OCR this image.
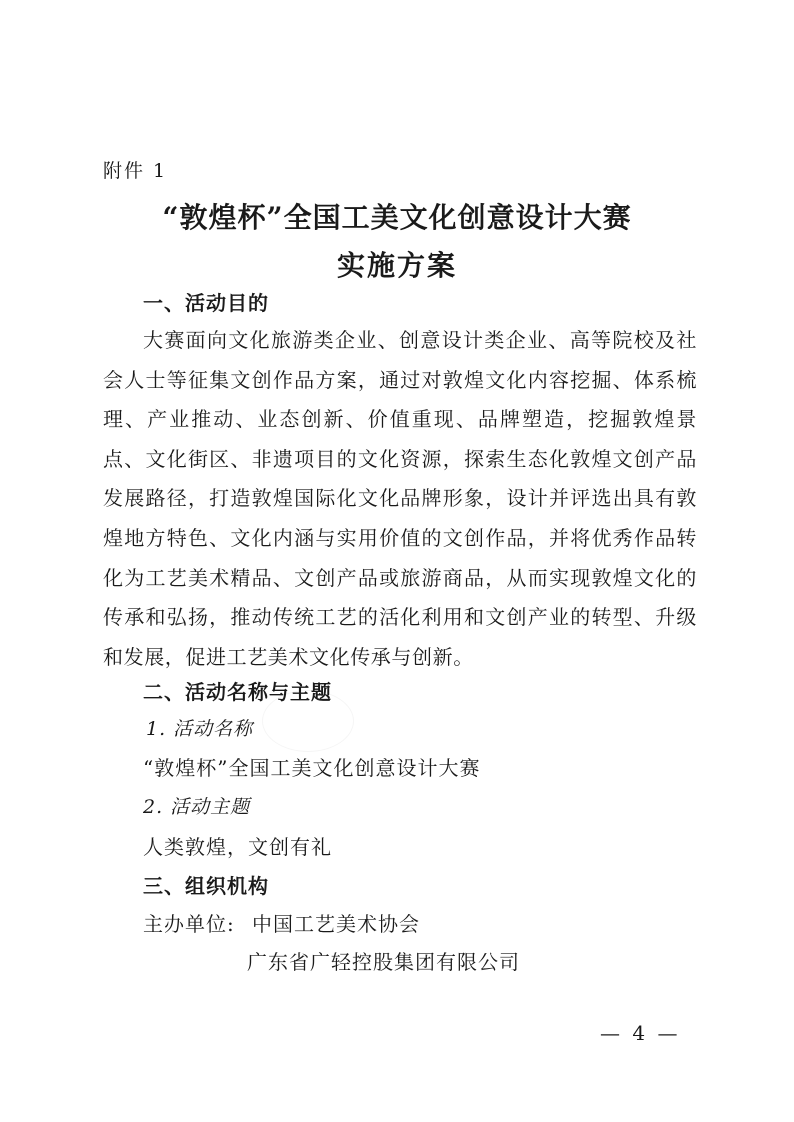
附件 1
“敦煌杯”全国工美文化创意设计大赛
实施方案
一、活动目的
大赛面向文化旅游类企业、创意设计类企业、高等院校及社会人士等征集文创作品方案，通过对敦煌文化内容挖掘、体系梳理、产业推动、业态创新、价值重现、品牌塑造，挖掘敦煌景点、文化街区、非遗项目的文化资源，探索生态化敦煌文创产品发展路径，打造敦煌国际化文化品牌形象，设计并评选出具有敦煌地方特色、文化内涵与实用价值的文创作品，并将优秀作品转化为工艺美术精品、文创产品或旅游商品，从而实现敦煌文化的传承和弘扬，推动传统工艺的活化利用和文创产业的转型、升级和发展，促进工艺美术文化传承与创新。
二、活动名称与主题
1. 活动名称
“敦煌杯”全国工美文化创意设计大赛
2. 活动主题
人类敦煌，文创有礼
三、组织机构
主办单位: 中国工艺美术协会
广东省广轻控股集团有限公司
— 4 —
